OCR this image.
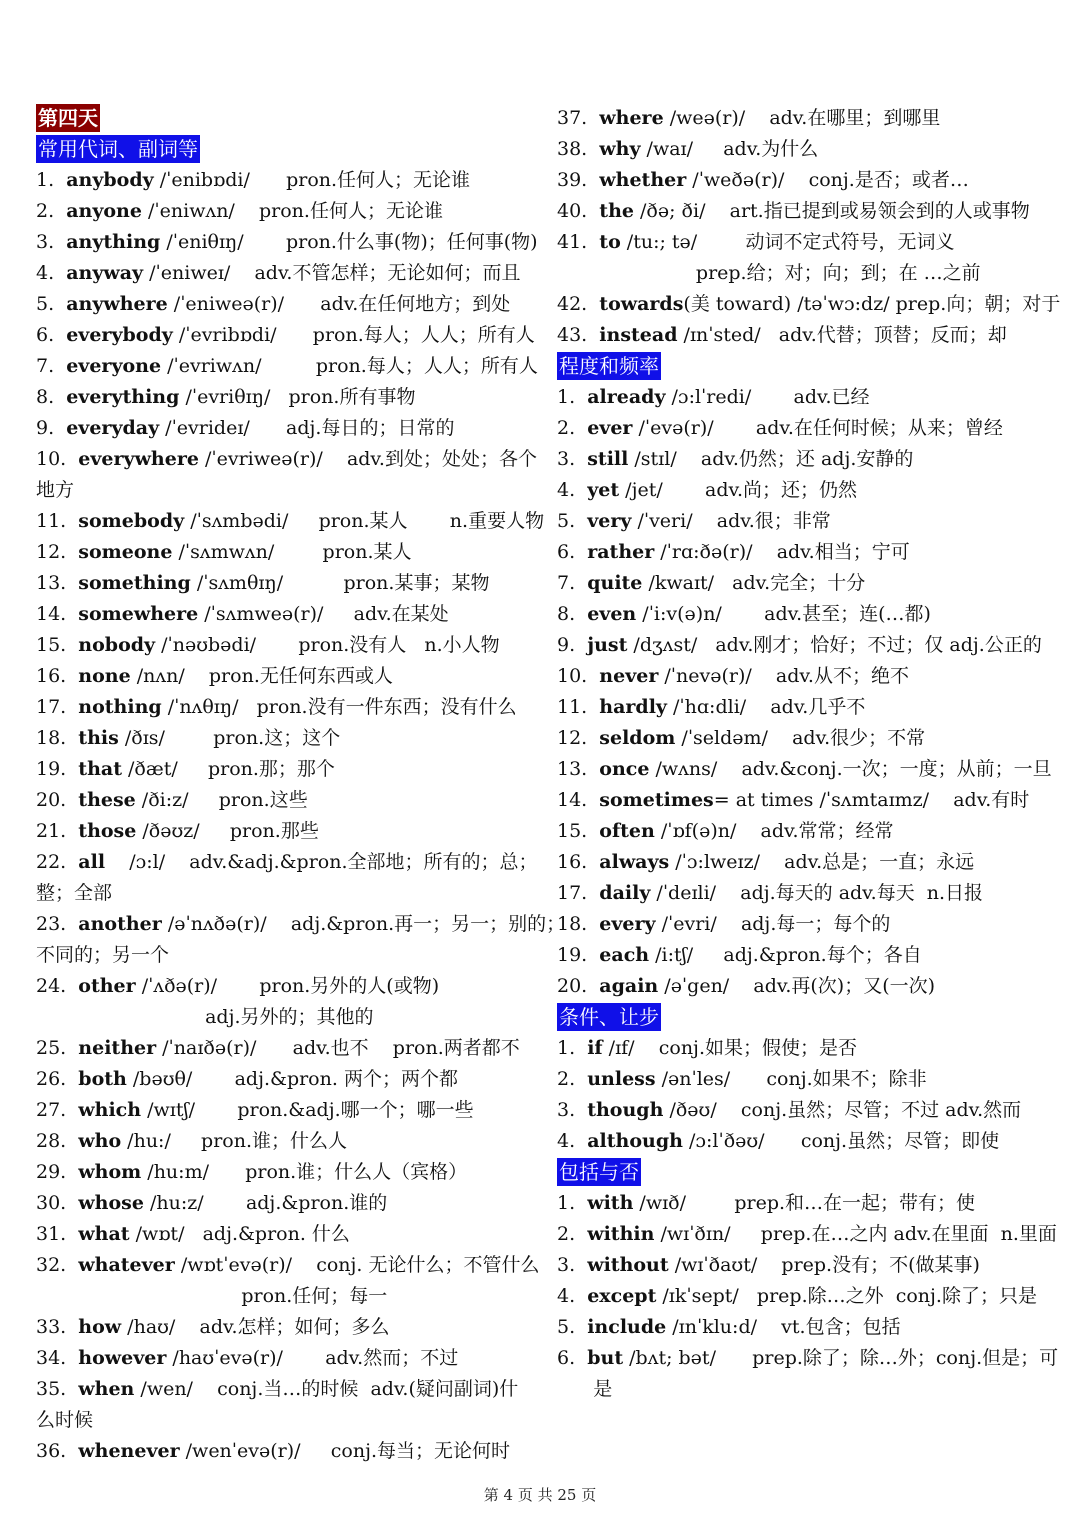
第四天
常用代词、副词等
1.  anybody /ˈenibɒdi/      pron.任何人；无论谁
2.  anyone /ˈeniwʌn/    pron.任何人；无论谁
3.  anything /ˈeniθɪŋ/       pron.什么事(物)；任何事(物)
4.  anyway /ˈeniweɪ/    adv.不管怎样；无论如何；而且
5.  anywhere /ˈeniweə(r)/      adv.在任何地方；到处
6.  everybody /ˈevribɒdi/      pron.每人；人人；所有人
7.  everyone /ˈevriwʌn/         pron.每人；人人；所有人
8.  everything /ˈevriθɪŋ/   pron.所有事物
9.  everyday /ˈevrideɪ/      adj.每日的；日常的
10.  everywhere /ˈevriweə(r)/    adv.到处；处处；各个
地方
11.  somebody /ˈsʌmbədi/     pron.某人       n.重要人物
12.  someone /ˈsʌmwʌn/        pron.某人
13.  something /ˈsʌmθɪŋ/          pron.某事；某物
14.  somewhere /ˈsʌmweə(r)/     adv.在某处
15.  nobody /ˈnəʊbədi/       pron.没有人   n.小人物
16.  none /nʌn/    pron.无任何东西或人
17.  nothing /ˈnʌθɪŋ/   pron.没有一件东西；没有什么
18.  this /ðɪs/        pron.这；这个
19.  that /ðæt/     pron.那；那个
20.  these /ði:z/     pron.这些
21.  those /ðəʊz/     pron.那些
22.  all    /ɔ:l/    adv.&adj.&pron.全部地；所有的；总；
整；全部
23.  another /əˈnʌðə(r)/    adj.&pron.再一；另一；别的；
不同的；另一个
24.  other /ˈʌðə(r)/       pron.另外的人(或物)
adj.另外的；其他的
25.  neither /ˈnaɪðə(r)/      adv.也不    pron.两者都不
26.  both /bəʊθ/       adj.&pron. 两个；两个都
27.  which /wɪtʃ/       pron.&adj.哪一个；哪一些
28.  who /hu:/     pron.谁；什么人
29.  whom /hu:m/      pron.谁；什么人（宾格）
30.  whose /hu:z/       adj.&pron.谁的
31.  what /wɒt/   adj.&pron. 什么
32.  whatever /wɒtˈevə(r)/    conj. 无论什么；不管什么
pron.任何；每一
33.  how /haʊ/    adv.怎样；如何；多么
34.  however /haʊˈevə(r)/       adv.然而；不过
35.  when /wen/    conj.当…的时候  adv.(疑问副词)什
么时候
36.  whenever /wenˈevə(r)/     conj.每当；无论何时
37.  where /weə(r)/    adv.在哪里；到哪里
38.  why /waɪ/     adv.为什么
39.  whether /ˈweðə(r)/    conj.是否；或者…
40.  the /ðə; ði/    art.指已提到或易领会到的人或事物
41.  to /tu:; tə/        动词不定式符号，无词义
prep.给；对；向；到；在 …之前
42.  towards(美 toward) /təˈwɔ:dz/ prep.向；朝；对于
43.  instead /ɪnˈsted/   adv.代替；顶替；反而；却
程度和频率
1.  already /ɔ:lˈredi/       adv.已经
2.  ever /ˈevə(r)/       adv.在任何时候；从来；曾经
3.  still /stɪl/    adv.仍然；还 adj.安静的
4.  yet /jet/       adv.尚；还；仍然
5.  very /ˈveri/    adv.很；非常
6.  rather /ˈrɑ:ðə(r)/    adv.相当；宁可
7.  quite /kwaɪt/   adv.完全；十分
8.  even /ˈi:v(ə)n/       adv.甚至；连(…都)
9.  just /dʒʌst/   adv.刚才；恰好；不过；仅 adj.公正的
10.  never /ˈnevə(r)/    adv.从不；绝不
11.  hardly /ˈhɑ:dli/    adv.几乎不
12.  seldom /ˈseldəm/    adv.很少；不常
13.  once /wʌns/    adv.&conj.一次；一度；从前；一旦
14.  sometimes= at times /ˈsʌmtaɪmz/    adv.有时
15.  often /ˈɒf(ə)n/    adv.常常；经常
16.  always /ˈɔ:lweɪz/    adv.总是；一直；永远
17.  daily /ˈdeɪli/    adj.每天的 adv.每天  n.日报
18.  every /ˈevri/    adj.每一；每个的
19.  each /i:tʃ/     adj.&pron.每个；各自
20.  again /əˈgen/    adv.再(次)；又(一次)
条件、让步
1.  if /ɪf/    conj.如果；假使；是否
2.  unless /ənˈles/      conj.如果不；除非
3.  though /ðəʊ/    conj.虽然；尽管；不过 adv.然而
4.  although /ɔ:lˈðəʊ/      conj.虽然；尽管；即使
包括与否
1.  with /wɪð/        prep.和…在一起；带有；使
2.  within /wɪˈðɪn/     prep.在…之内 adv.在里面  n.里面
3.  without /wɪˈðaʊt/    prep.没有；不(做某事)
4.  except /ɪkˈsept/   prep.除…之外  conj.除了；只是
5.  include /ɪnˈklu:d/    vt.包含；包括
6.  but /bʌt; bət/      prep.除了；除…外；conj.但是；可
是
第 4 页 共 25 页
